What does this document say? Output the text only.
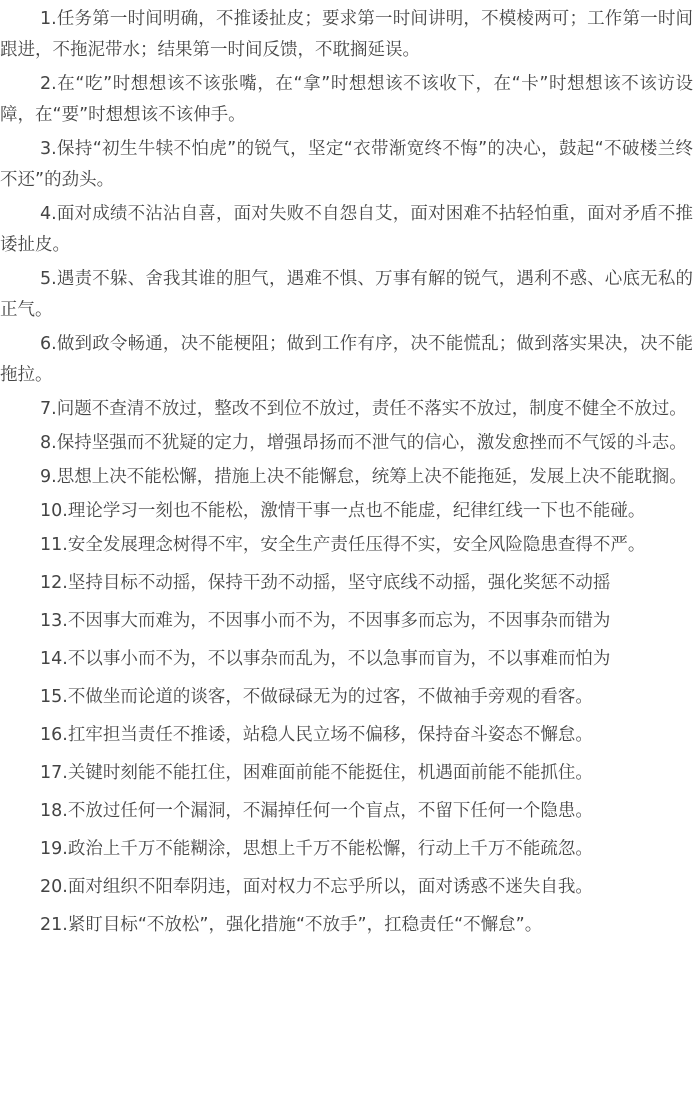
1.任务第一时间明确，不推诿扯皮；要求第一时间讲明，不模棱两可；工作第一时间跟进，不拖泥带水；结果第一时间反馈，不耽搁延误。

2.在“吃”时想想该不该张嘴，在“拿”时想想该不该收下，在“卡”时想想该不该访设障，在“要”时想想该不该伸手。

3.保持“初生牛犊不怕虎”的锐气，坚定“衣带渐宽终不悔”的决心，鼓起“不破楼兰终不还”的劲头。

4.面对成绩不沾沾自喜，面对失败不自怨自艾，面对困难不拈轻怕重，面对矛盾不推诿扯皮。

5.遇责不躲、舍我其谁的胆气，遇难不惧、万事有解的锐气，遇利不惑、心底无私的正气。

6.做到政令畅通，决不能梗阻；做到工作有序，决不能慌乱；做到落实果决，决不能拖拉。

7.问题不查清不放过，整改不到位不放过，责任不落实不放过，制度不健全不放过。

8.保持坚强而不犹疑的定力，增强昂扬而不泄气的信心，激发愈挫而不气馁的斗志。

9.思想上决不能松懈，措施上决不能懈怠，统筹上决不能拖延，发展上决不能耽搁。

10.理论学习一刻也不能松，激情干事一点也不能虚，纪律红线一下也不能碰。

11.安全发展理念树得不牢，安全生产责任压得不实，安全风险隐患查得不严。

12.坚持目标不动摇，保持干劲不动摇，坚守底线不动摇，强化奖惩不动摇

13.不因事大而难为，不因事小而不为，不因事多而忘为，不因事杂而错为

14.不以事小而不为，不以事杂而乱为，不以急事而盲为，不以事难而怕为

15.不做坐而论道的谈客，不做碌碌无为的过客，不做袖手旁观的看客。

16.扛牢担当责任不推诿，站稳人民立场不偏移，保持奋斗姿态不懈怠。

17.关键时刻能不能扛住，困难面前能不能挺住，机遇面前能不能抓住。

18.不放过任何一个漏洞，不漏掉任何一个盲点，不留下任何一个隐患。

19.政治上千万不能糊涂，思想上千万不能松懈，行动上千万不能疏忽。

20.面对组织不阳奉阴违，面对权力不忘乎所以，面对诱惑不迷失自我。

21.紧盯目标“不放松”，强化措施“不放手”，扛稳责任“不懈怠”。
